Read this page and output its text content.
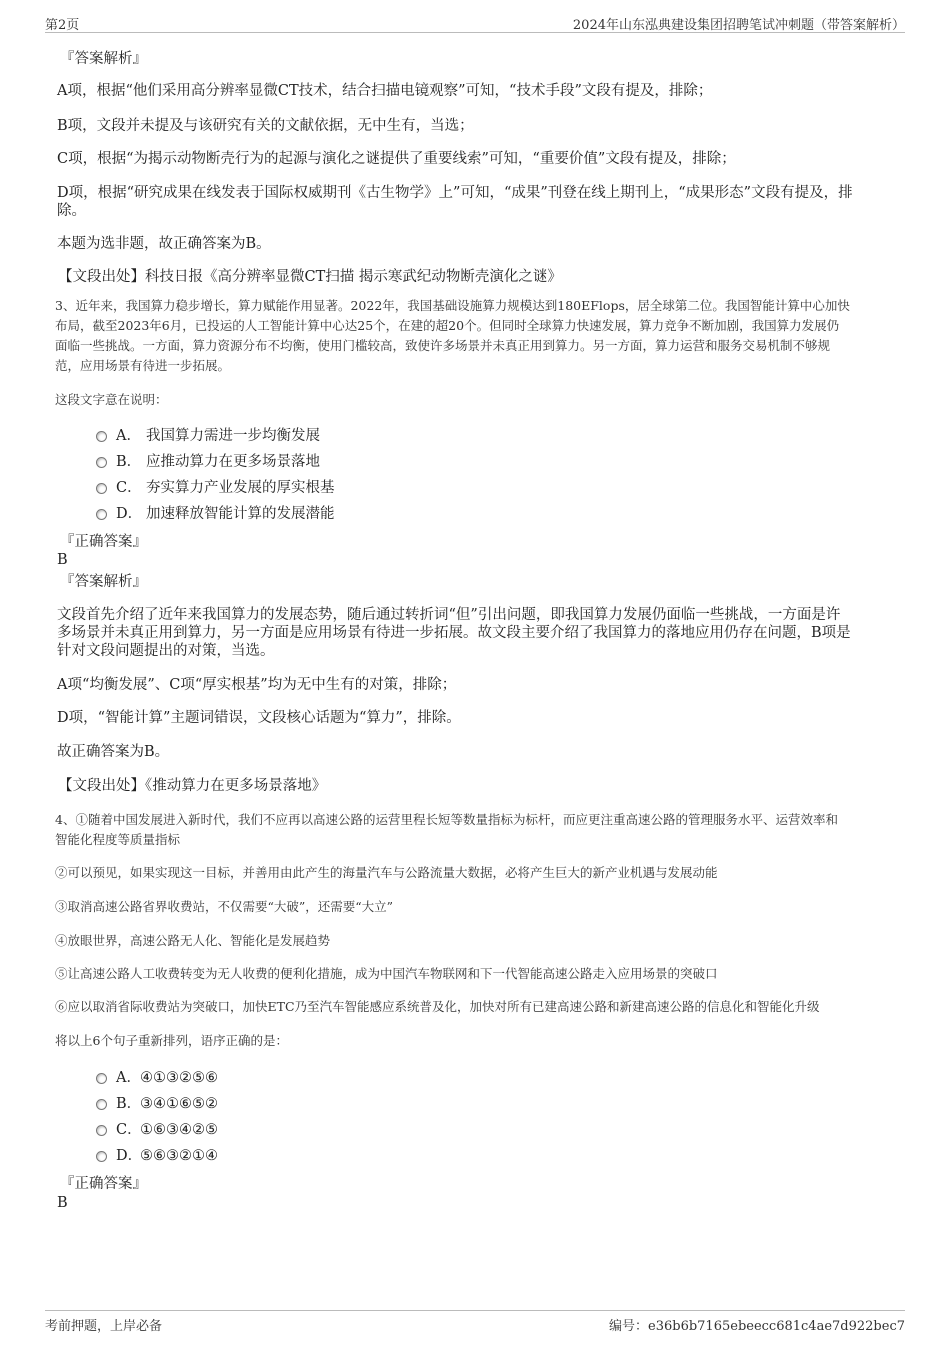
第2页	2024年山东泓典建设集团招聘笔试冲刺题（带答案解析）
『答案解析』
A项，根据“他们采用高分辨率显微CT技术，结合扫描电镜观察”可知，“技术手段”文段有提及，排除；
B项，文段并未提及与该研究有关的文献依据，无中生有，当选；
C项，根据“为揭示动物断壳行为的起源与演化之谜提供了重要线索”可知，“重要价值”文段有提及，排除；
D项，根据“研究成果在线发表于国际权威期刊《古生物学》上”可知，“成果”刊登在线上期刊上，“成果形态”文段有提及，排
除。
本题为选非题，故正确答案为B。
【文段出处】科技日报《高分辨率显微CT扫描 揭示寒武纪动物断壳演化之谜》
3、近年来，我国算力稳步增长，算力赋能作用显著。2022年，我国基础设施算力规模达到180EFlops，居全球第二位。我国智能计算中心加快
布局，截至2023年6月，已投运的人工智能计算中心达25个，在建的超20个。但同时全球算力快速发展，算力竞争不断加剧，我国算力发展仍
面临一些挑战。一方面，算力资源分布不均衡，使用门槛较高，致使许多场景并未真正用到算力。另一方面，算力运营和服务交易机制不够规
范，应用场景有待进一步拓展。
这段文字意在说明：
A． 我国算力需进一步均衡发展
B． 应推动算力在更多场景落地
C． 夯实算力产业发展的厚实根基
D． 加速释放智能计算的发展潜能
『正确答案』
B
『答案解析』
文段首先介绍了近年来我国算力的发展态势，随后通过转折词“但”引出问题，即我国算力发展仍面临一些挑战，一方面是许
多场景并未真正用到算力，另一方面是应用场景有待进一步拓展。故文段主要介绍了我国算力的落地应用仍存在问题，B项是
针对文段问题提出的对策，当选。
A项“均衡发展”、C项“厚实根基”均为无中生有的对策，排除；
D项，“智能计算”主题词错误，文段核心话题为“算力”，排除。
故正确答案为B。
【文段出处】《推动算力在更多场景落地》
4、①随着中国发展进入新时代，我们不应再以高速公路的运营里程长短等数量指标为标杆，而应更注重高速公路的管理服务水平、运营效率和
智能化程度等质量指标
②可以预见，如果实现这一目标，并善用由此产生的海量汽车与公路流量大数据，必将产生巨大的新产业机遇与发展动能
③取消高速公路省界收费站，不仅需要“大破”，还需要“大立”
④放眼世界，高速公路无人化、智能化是发展趋势
⑤让高速公路人工收费转变为无人收费的便利化措施，成为中国汽车物联网和下一代智能高速公路走入应用场景的突破口
⑥应以取消省际收费站为突破口，加快ETC乃至汽车智能感应系统普及化，加快对所有已建高速公路和新建高速公路的信息化和智能化升级
将以上6个句子重新排列，语序正确的是：
A．④①③②⑤⑥
B．③④①⑥⑤②
C．①⑥③④②⑤
D．⑤⑥③②①④
『正确答案』
B
考前押题，上岸必备	编号：e36b6b7165ebeecc681c4ae7d922bec7
